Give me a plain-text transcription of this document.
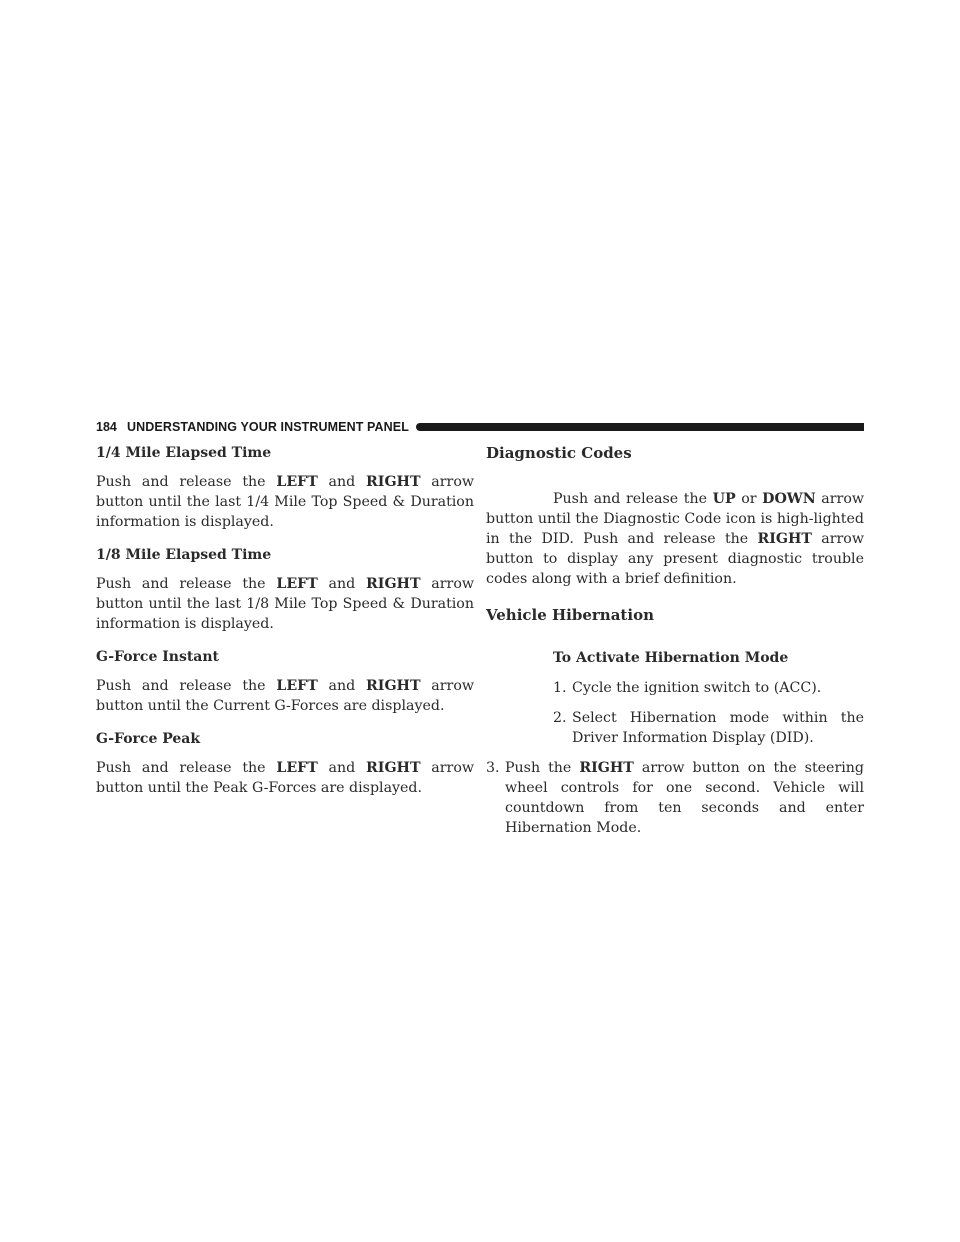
184 UNDERSTANDING YOUR INSTRUMENT PANEL
1/4 Mile Elapsed Time

Push and release the LEFT and RIGHT arrow button until the last 1/4 Mile Top Speed & Duration information is displayed.

1/8 Mile Elapsed Time

Push and release the LEFT and RIGHT arrow button until the last 1/8 Mile Top Speed & Duration information is displayed.

G-Force Instant

Push and release the LEFT and RIGHT arrow button until the Current G-Forces are displayed.

G-Force Peak

Push and release the LEFT and RIGHT arrow button until the Peak G-Forces are displayed.

Diagnostic Codes

Push and release the UP or DOWN arrow button until the Diagnostic Code icon is high-lighted in the DID. Push and release the RIGHT arrow button to display any present diagnostic trouble codes along with a brief definition.

Vehicle Hibernation
To Activate Hibernation Mode
1. Cycle the ignition switch to (ACC).
2. Select Hibernation mode within the Driver Information Display (DID).
3. Push the RIGHT arrow button on the steering wheel controls for one second. Vehicle will countdown from ten seconds and enter Hibernation Mode.
